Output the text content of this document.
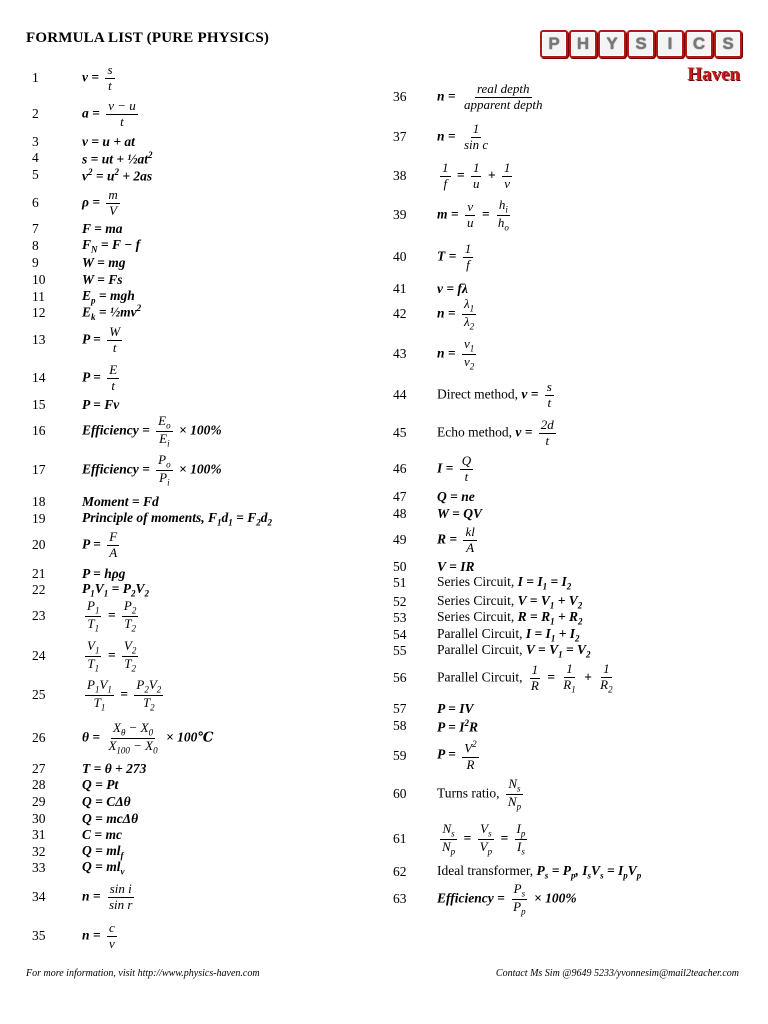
FORMULA LIST (PURE PHYSICS)	P	H	Y	S	I	C	S
Haven
1	$v = \frac{s}{t}$
2	$a = \frac{v - u}{t}$
3	v = u + at
4	s = ut + $\frac{1}{2}at^2$
5	$v^2 = u^2 + 2as$
6	$\rho = \frac{m}{V}$
7	F = ma
8	$F_N = F - f$
9	W = mg
10	W = Fs
11	$E_p$ = mgh
12	$E_k$ = $\frac{1}{2}mv^2$
13	$P = \frac{W}{t}$
14	$P = \frac{E}{t}$
15	P = Fv
16	Efficiency = $\frac{E_o}{E_i} \times 100\%$
17	Efficiency = $\frac{P_o}{P_i} \times 100\%$
18	Moment = Fd
19	Principle of moments, $F_1d_1 = F_2d_2$
20	$P = \frac{F}{A}$
21	P = hρg
22	$P_1V_1 = P_2V_2$
23	$\frac{P_1}{T_1} = \frac{P_2}{T_2}$
24	$\frac{V_1}{T_1} = \frac{V_2}{T_2}$
25	$\frac{P_1V_1}{T_1} = \frac{P_2V_2}{T_2}$
26	$\theta = \frac{X_\theta - X_0}{X_{100} - X_0}$ × 100℃
27	T = θ + 273
28	Q = Pt
29	Q = CΔθ
30	Q = mcΔθ
31	C = mc
32	$Q = ml_f$
33	$Q = ml_v$
34	$n = \frac{\text{sin i}}{\text{sin r}}$
35	$n = \frac{c}{v}$
36	$n = \frac{\text{real depth}}{\text{apparent depth}}$
37	$n = \frac{1}{\text{sin c}}$
38	$\frac{1}{f} = \frac{1}{u} + \frac{1}{v}$
39	$m = \frac{v}{u} = \frac{h_i}{h_o}$
40	$T = \frac{1}{f}$
41	v = fλ
42	$n = \frac{\lambda_1}{\lambda_2}$
43	$n = \frac{v_1}{v_2}$
44	Direct method, $v = \frac{s}{t}$
45	Echo method, $v = \frac{2d}{t}$
46	$I = \frac{Q}{t}$
47	Q = ne
48	W = QV
49	$R = \frac{kl}{A}$
50	V = IR
51	Series Circuit, $I = I_1 = I_2$
52	Series Circuit, $V = V_1 + V_2$
53	Series Circuit, $R = R_1 + R_2$
54	Parallel Circuit, $I = I_1 + I_2$
55	Parallel Circuit, $V = V_1 = V_2$
56	Parallel Circuit, $\frac{1}{R} = \frac{1}{R_1} + \frac{1}{R_2}$
57	P = IV
58	$P = I^2R$
59	$P = \frac{V^2}{R}$
60	Turns ratio, $\frac{N_s}{N_p}$
61	$\frac{N_s}{N_p} = \frac{V_s}{V_p} = \frac{I_p}{I_s}$
62	Ideal transformer, $P_s = P_p$, $I_sV_s = I_pV_p$
63	Efficiency = $\frac{P_s}{P_p} \times 100\%$
For more information, visit http://www.physics-haven.com	Contact Ms Sim @9649 5233/yvonnesim@mail2teacher.com
